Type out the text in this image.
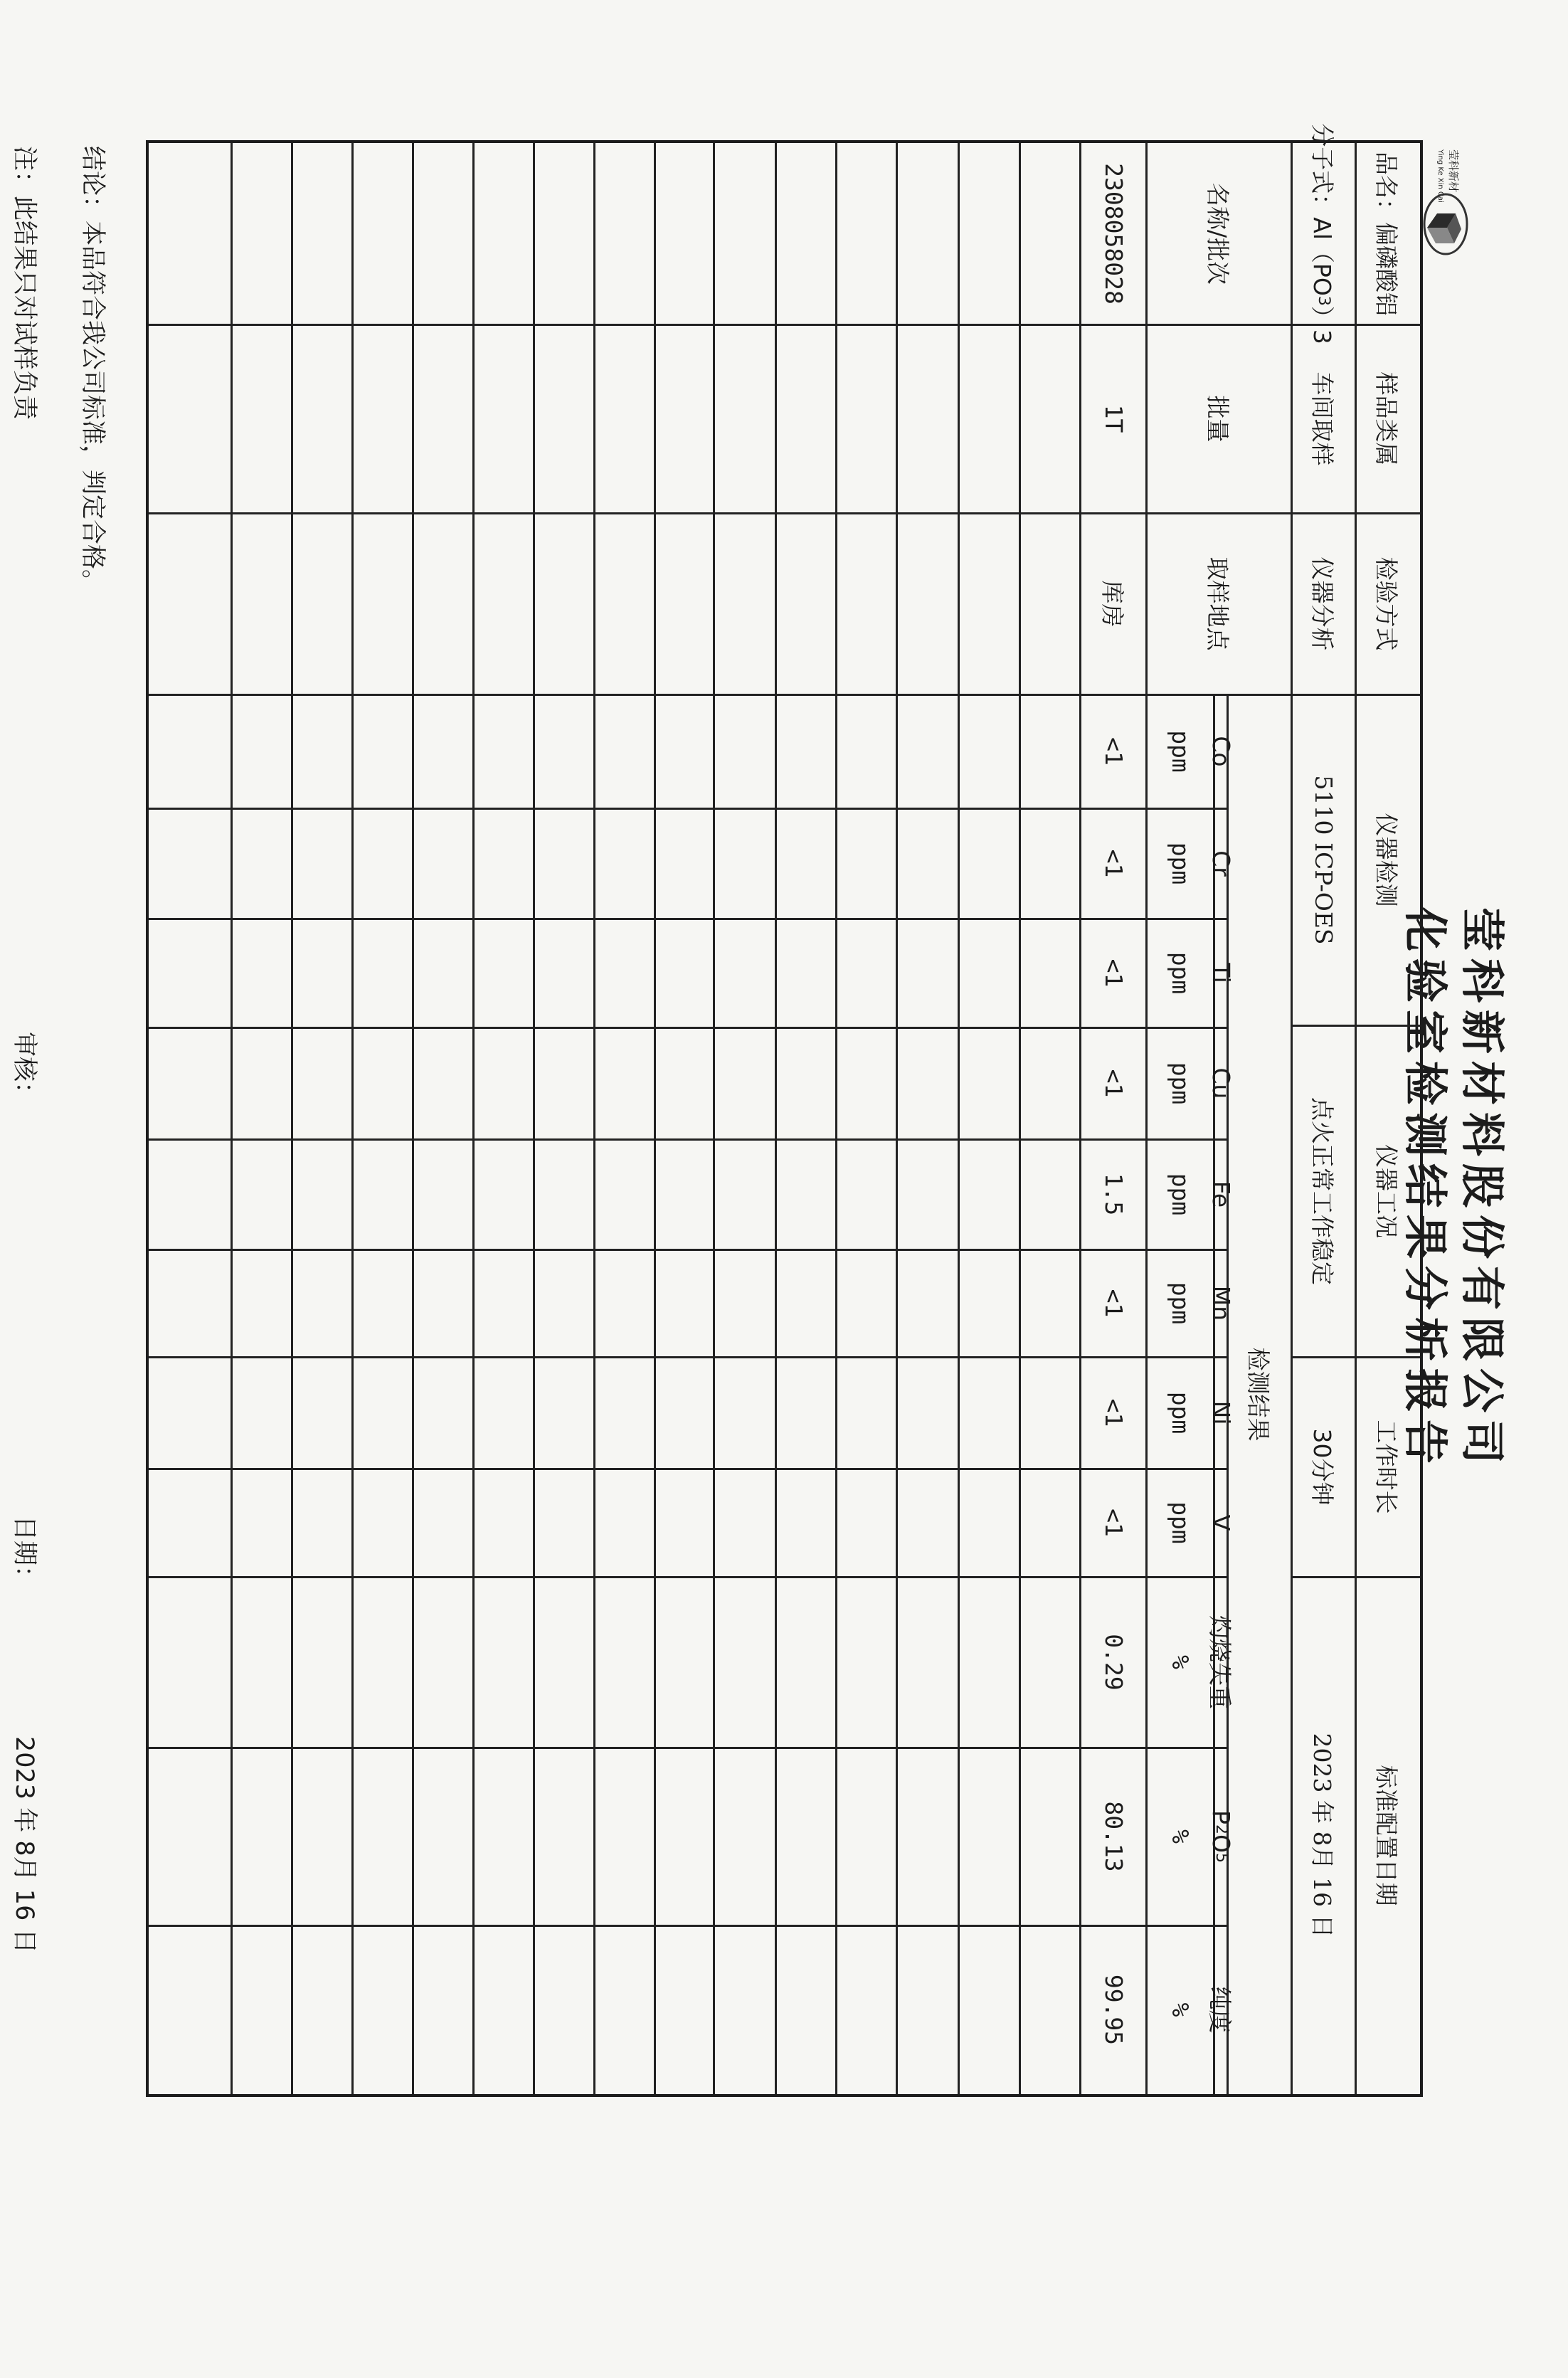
莹科新材料股份有限公司
化验室检测结果分析报告
莹科新材
Ying Ke Xin Cai
品名：
偏磷酸铝
样品类属
检验方式
仪器检测
仪器工况
工作时长
标准配置日期
分子式：
Al（PO
3
）3
车间取样
仪器分析
5110 ICP-OES
点火正常工作稳定
30分钟
2023 年 8月 16 日
名称/批次
批量
取样地点
检测结果
Co
ppm
Cr
ppm
Ti
ppm
Cu
ppm
Fe
ppm
Mn
ppm
Ni
ppm
V
ppm
灼烧失重
%
P
2
O
5
%
纯度
%
2308058028
1T
库房
<1
<1
<1
<1
1.5
<1
<1
<1
0.29
80.13
99.95
结论：本品符合我公司标准，判定合格。
注：此结果只对试样负责
审核：
日期：
2023 年 8月 16 日
